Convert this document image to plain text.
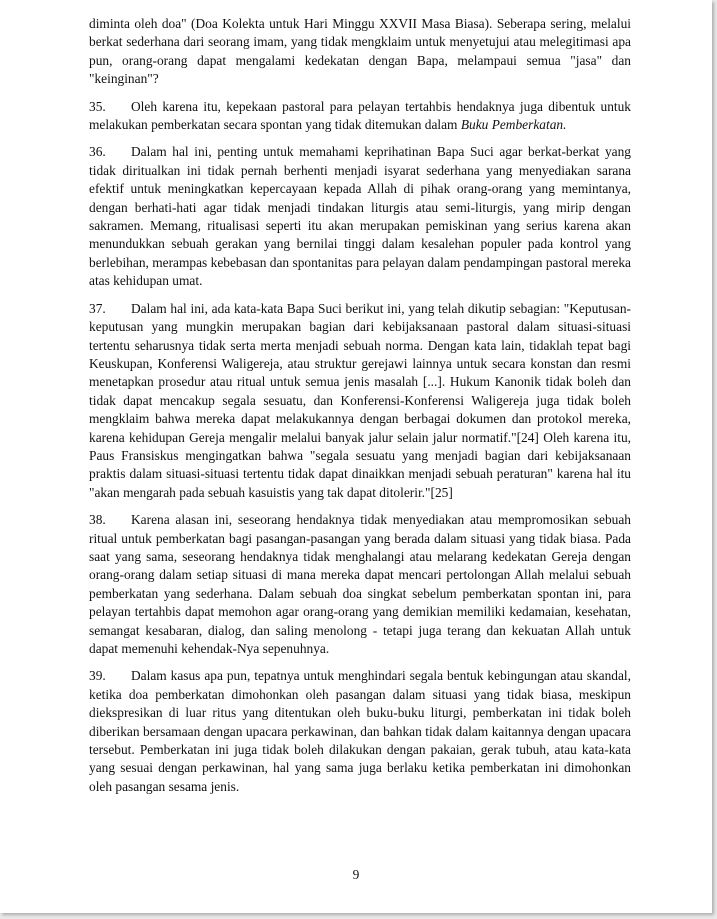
diminta oleh doa" (Doa Kolekta untuk Hari Minggu XXVII Masa Biasa). Seberapa sering, melalui berkat sederhana dari seorang imam, yang tidak mengklaim untuk menyetujui atau melegitimasi apa pun, orang-orang dapat mengalami kedekatan dengan Bapa, melampaui semua "jasa" dan "keinginan"?

35. Oleh karena itu, kepekaan pastoral para pelayan tertahbis hendaknya juga dibentuk untuk melakukan pemberkatan secara spontan yang tidak ditemukan dalam Buku Pemberkatan.

36. Dalam hal ini, penting untuk memahami keprihatinan Bapa Suci agar berkat-berkat yang tidak diritualkan ini tidak pernah berhenti menjadi isyarat sederhana yang menyediakan sarana efektif untuk meningkatkan kepercayaan kepada Allah di pihak orang-orang yang memintanya, dengan berhati-hati agar tidak menjadi tindakan liturgis atau semi-liturgis, yang mirip dengan sakramen. Memang, ritualisasi seperti itu akan merupakan pemiskinan yang serius karena akan menundukkan sebuah gerakan yang bernilai tinggi dalam kesalehan populer pada kontrol yang berlebihan, merampas kebebasan dan spontanitas para pelayan dalam pendampingan pastoral mereka atas kehidupan umat.

37. Dalam hal ini, ada kata-kata Bapa Suci berikut ini, yang telah dikutip sebagian: "Keputusan-keputusan yang mungkin merupakan bagian dari kebijaksanaan pastoral dalam situasi-situasi tertentu seharusnya tidak serta merta menjadi sebuah norma. Dengan kata lain, tidaklah tepat bagi Keuskupan, Konferensi Waligereja, atau struktur gerejawi lainnya untuk secara konstan dan resmi menetapkan prosedur atau ritual untuk semua jenis masalah [...]. Hukum Kanonik tidak boleh dan tidak dapat mencakup segala sesuatu, dan Konferensi-Konferensi Waligereja juga tidak boleh mengklaim bahwa mereka dapat melakukannya dengan berbagai dokumen dan protokol mereka, karena kehidupan Gereja mengalir melalui banyak jalur selain jalur normatif."[24] Oleh karena itu, Paus Fransiskus mengingatkan bahwa "segala sesuatu yang menjadi bagian dari kebijaksanaan praktis dalam situasi-situasi tertentu tidak dapat dinaikkan menjadi sebuah peraturan" karena hal itu "akan mengarah pada sebuah kasuistis yang tak dapat ditolerir."[25]

38. Karena alasan ini, seseorang hendaknya tidak menyediakan atau mempromosikan sebuah ritual untuk pemberkatan bagi pasangan-pasangan yang berada dalam situasi yang tidak biasa. Pada saat yang sama, seseorang hendaknya tidak menghalangi atau melarang kedekatan Gereja dengan orang-orang dalam setiap situasi di mana mereka dapat mencari pertolongan Allah melalui sebuah pemberkatan yang sederhana. Dalam sebuah doa singkat sebelum pemberkatan spontan ini, para pelayan tertahbis dapat memohon agar orang-orang yang demikian memiliki kedamaian, kesehatan, semangat kesabaran, dialog, dan saling menolong - tetapi juga terang dan kekuatan Allah untuk dapat memenuhi kehendak-Nya sepenuhnya.

39. Dalam kasus apa pun, tepatnya untuk menghindari segala bentuk kebingungan atau skandal, ketika doa pemberkatan dimohonkan oleh pasangan dalam situasi yang tidak biasa, meskipun diekspresikan di luar ritus yang ditentukan oleh buku-buku liturgi, pemberkatan ini tidak boleh diberikan bersamaan dengan upacara perkawinan, dan bahkan tidak dalam kaitannya dengan upacara tersebut. Pemberkatan ini juga tidak boleh dilakukan dengan pakaian, gerak tubuh, atau kata-kata yang sesuai dengan perkawinan, hal yang sama juga berlaku ketika pemberkatan ini dimohonkan oleh pasangan sesama jenis.

9
